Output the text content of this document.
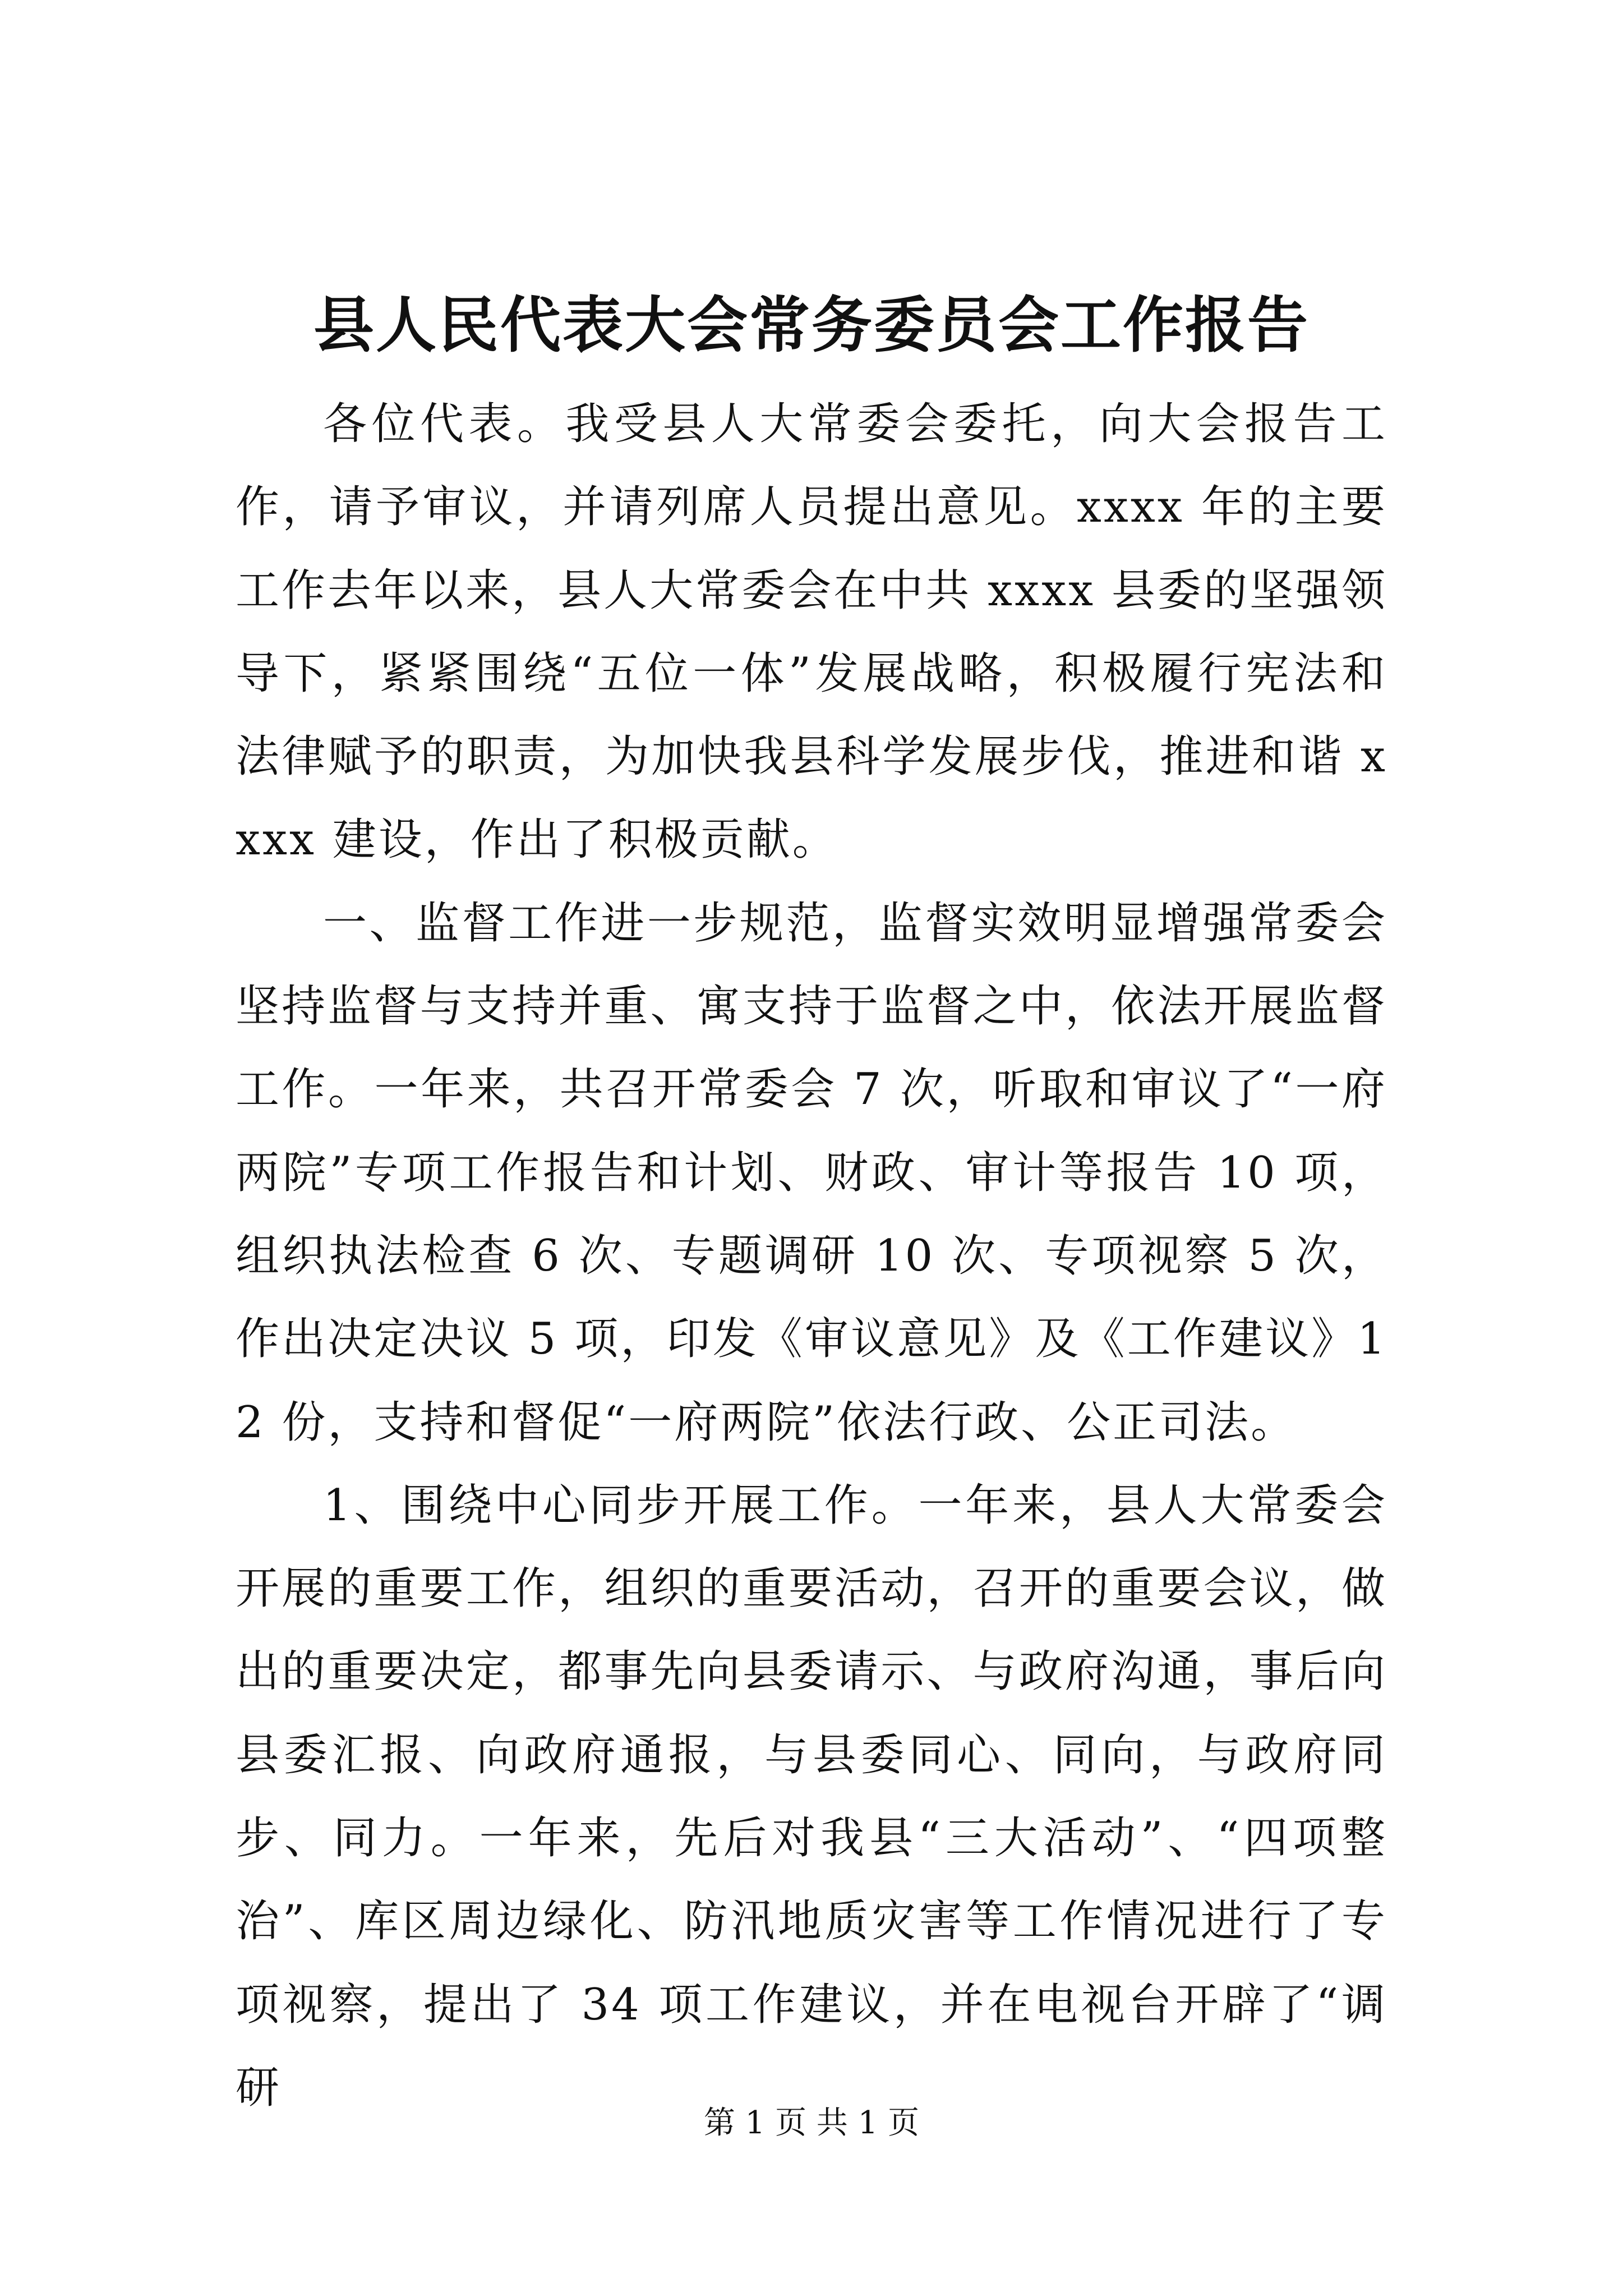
县人民代表大会常务委员会工作报告

各位代表。我受县人大常委会委托，向大会报告工作，请予审议，并请列席人员提出意见。xxxx 年的主要工作去年以来，县人大常委会在中共 xxxx 县委的坚强领导下，紧紧围绕“五位一体”发展战略，积极履行宪法和法律赋予的职责，为加快我县科学发展步伐，推进和谐 xxxx 建设，作出了积极贡献。

一、监督工作进一步规范，监督实效明显增强常委会坚持监督与支持并重、寓支持于监督之中，依法开展监督工作。一年来，共召开常委会 7 次，听取和审议了“一府两院”专项工作报告和计划、财政、审计等报告 10 项，组织执法检查 6 次、专题调研 10 次、专项视察 5 次，作出决定决议 5 项，印发《审议意见》及《工作建议》12 份，支持和督促“一府两院”依法行政、公正司法。

1、围绕中心同步开展工作。一年来，县人大常委会开展的重要工作，组织的重要活动，召开的重要会议，做出的重要决定，都事先向县委请示、与政府沟通，事后向县委汇报、向政府通报，与县委同心、同向，与政府同步、同力。一年来，先后对我县“三大活动”、“四项整治”、库区周边绿化、防汛地质灾害等工作情况进行了专项视察，提出了 34 项工作建议，并在电视台开辟了“调研

第 1 页 共 1 页
